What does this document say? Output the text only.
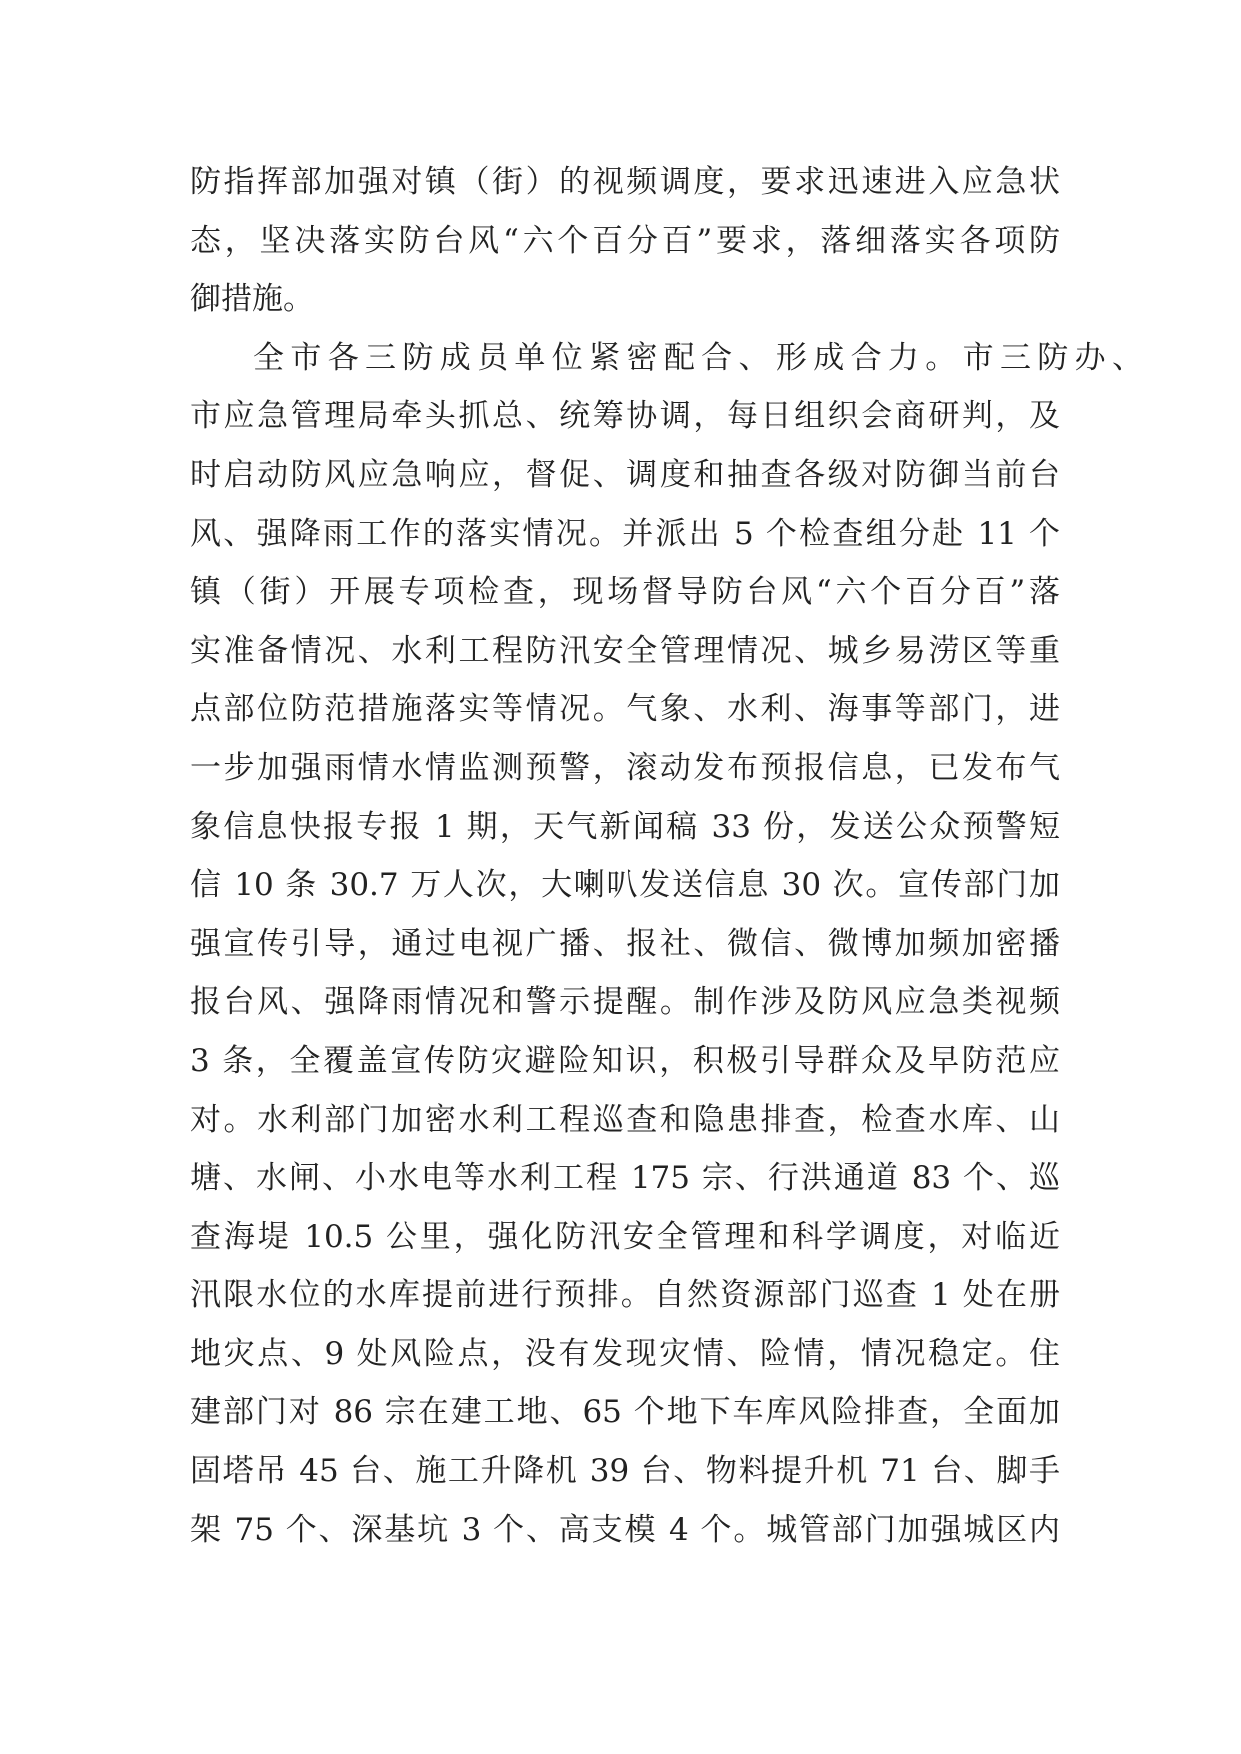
防指挥部加强对镇（街）的视频调度，要求迅速进入应急状
态，坚决落实防台风“六个百分百”要求，落细落实各项防
御措施。
全市各三防成员单位紧密配合、形成合力。市三防办、
市应急管理局牵头抓总、统筹协调，每日组织会商研判，及
时启动防风应急响应，督促、调度和抽查各级对防御当前台
风、强降雨工作的落实情况。并派出 5 个检查组分赴 11 个
镇（街）开展专项检查，现场督导防台风“六个百分百”落
实准备情况、水利工程防汛安全管理情况、城乡易涝区等重
点部位防范措施落实等情况。气象、水利、海事等部门，进
一步加强雨情水情监测预警，滚动发布预报信息，已发布气
象信息快报专报 1 期，天气新闻稿 33 份，发送公众预警短
信 10 条 30.7 万人次，大喇叭发送信息 30 次。宣传部门加
强宣传引导，通过电视广播、报社、微信、微博加频加密播
报台风、强降雨情况和警示提醒。制作涉及防风应急类视频
3 条，全覆盖宣传防灾避险知识，积极引导群众及早防范应
对。水利部门加密水利工程巡查和隐患排查，检查水库、山
塘、水闸、小水电等水利工程 175 宗、行洪通道 83 个、巡
查海堤 10.5 公里，强化防汛安全管理和科学调度，对临近
汛限水位的水库提前进行预排。自然资源部门巡查 1 处在册
地灾点、9 处风险点，没有发现灾情、险情，情况稳定。住
建部门对 86 宗在建工地、65 个地下车库风险排查，全面加
固塔吊 45 台、施工升降机 39 台、物料提升机 71 台、脚手
架 75 个、深基坑 3 个、高支模 4 个。城管部门加强城区内
